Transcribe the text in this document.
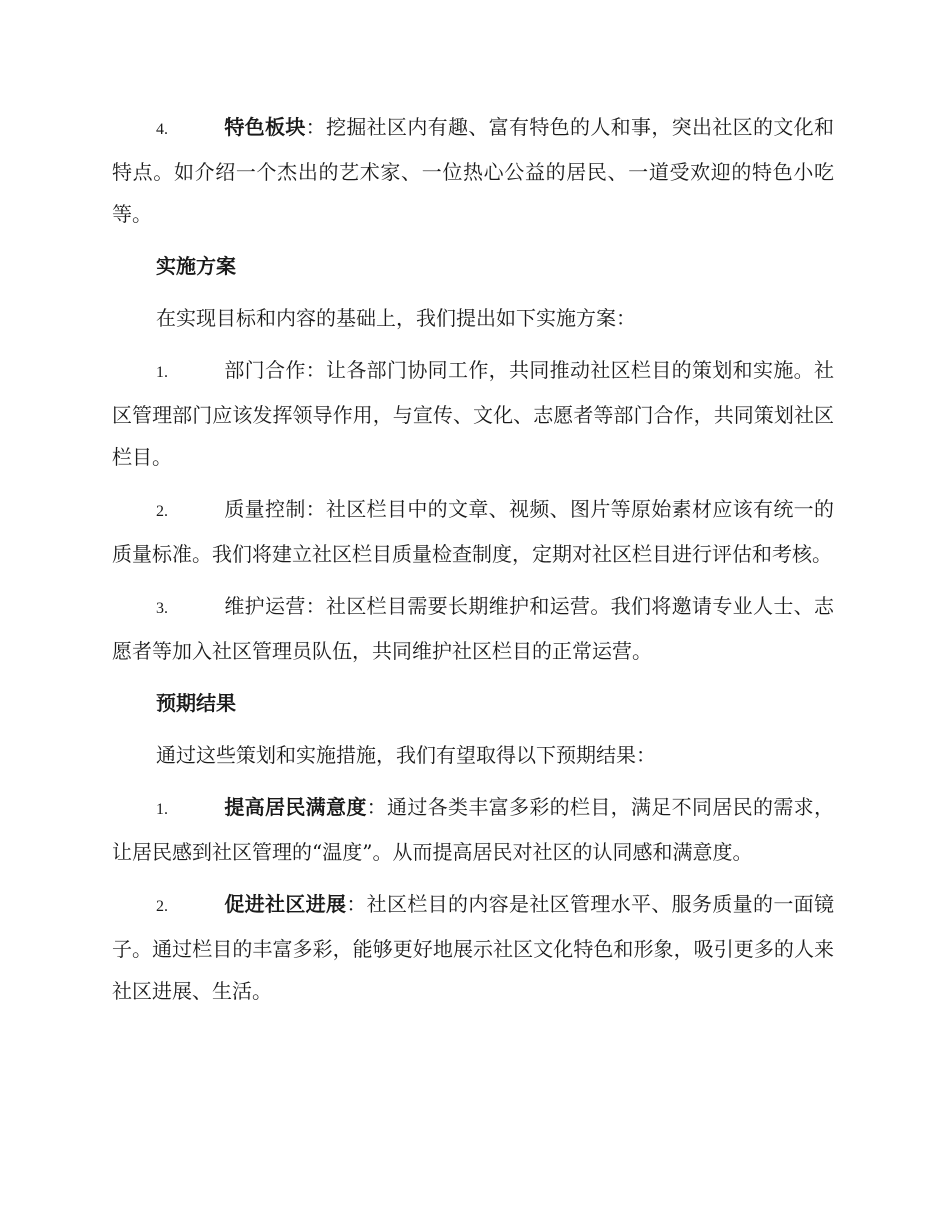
4.	特色板块：挖掘社区内有趣、富有特色的人和事，突出社区的文化和特点。如介绍一个杰出的艺术家、一位热心公益的居民、一道受欢迎的特色小吃等。

实施方案

在实现目标和内容的基础上，我们提出如下实施方案：

1.	部门合作：让各部门协同工作，共同推动社区栏目的策划和实施。社区管理部门应该发挥领导作用，与宣传、文化、志愿者等部门合作，共同策划社区栏目。

2.	质量控制：社区栏目中的文章、视频、图片等原始素材应该有统一的质量标准。我们将建立社区栏目质量检查制度，定期对社区栏目进行评估和考核。

3.	维护运营：社区栏目需要长期维护和运营。我们将邀请专业人士、志愿者等加入社区管理员队伍，共同维护社区栏目的正常运营。

预期结果

通过这些策划和实施措施，我们有望取得以下预期结果：

1.	提高居民满意度：通过各类丰富多彩的栏目，满足不同居民的需求，让居民感到社区管理的“温度”。从而提高居民对社区的认同感和满意度。

2.	促进社区进展：社区栏目的内容是社区管理水平、服务质量的一面镜子。通过栏目的丰富多彩，能够更好地展示社区文化特色和形象，吸引更多的人来社区进展、生活。
